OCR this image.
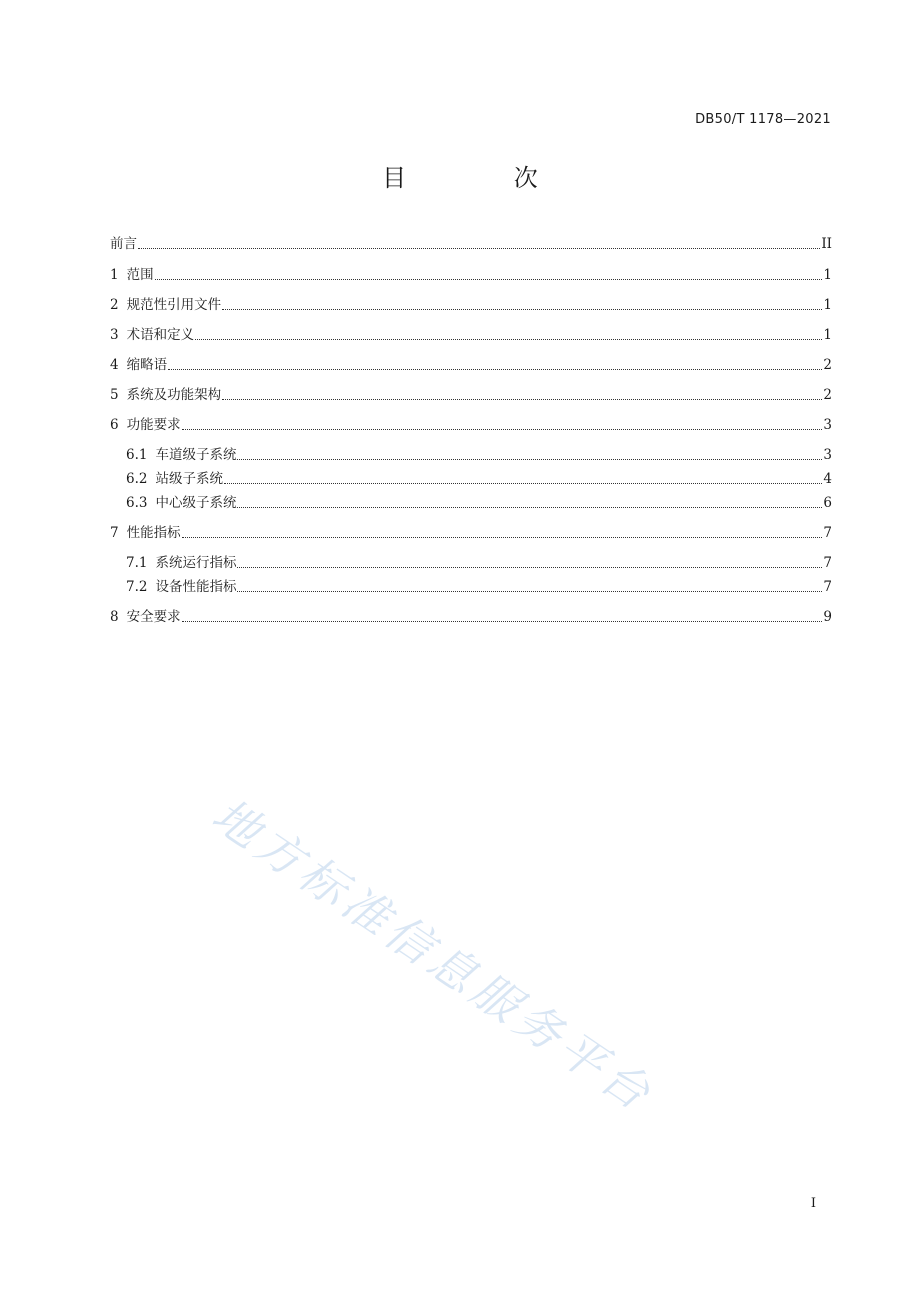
DB50/T 1178—2021
目 次
前言	II
1 范围	1
2 规范性引用文件	1
3 术语和定义	1
4 缩略语	2
5 系统及功能架构	2
6 功能要求	3
6.1 车道级子系统	3
6.2 站级子系统	4
6.3 中心级子系统	6
7 性能指标	7
7.1 系统运行指标	7
7.2 设备性能指标	7
8 安全要求	9
地方标准信息服务平台
I
